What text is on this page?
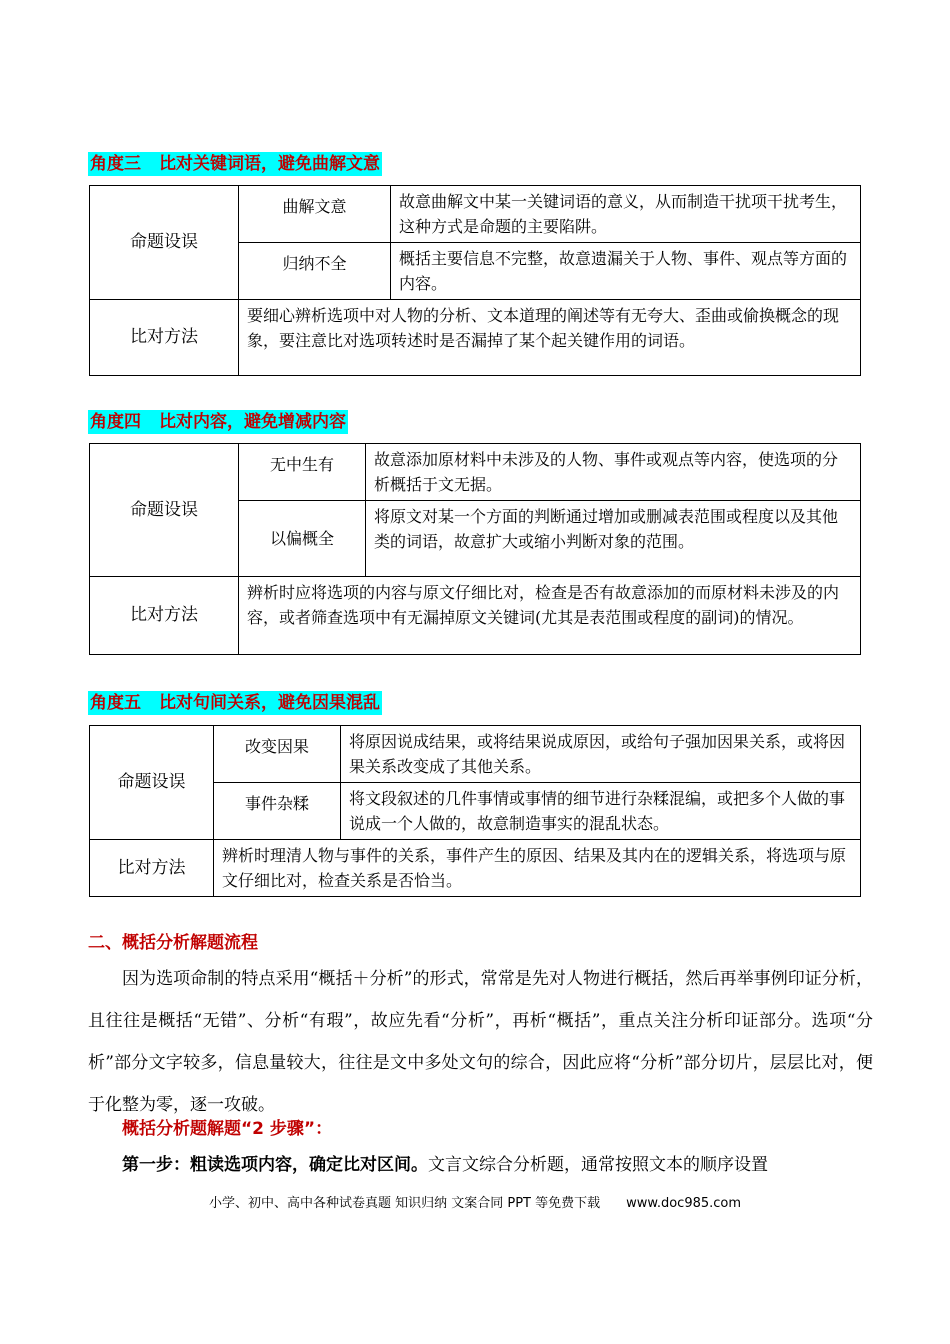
角度三 比对关键词语，避免曲解文意
命题设误	曲解文意	故意曲解文中某一关键词语的意义，从而制造干扰项干扰考生，这种方式是命题的主要陷阱。
	归纳不全	概括主要信息不完整，故意遗漏关于人物、事件、观点等方面的内容。
比对方法	要细心辨析选项中对人物的分析、文本道理的阐述等有无夸大、歪曲或偷换概念的现象，要注意比对选项转述时是否漏掉了某个起关键作用的词语。	
角度四 比对内容，避免增减内容
命题设误	无中生有	故意添加原材料中未涉及的人物、事件或观点等内容，使选项的分析概括于文无据。
	以偏概全	将原文对某一个方面的判断通过增加或删减表范围或程度以及其他类的词语，故意扩大或缩小判断对象的范围。
比对方法	辨析时应将选项的内容与原文仔细比对，检查是否有故意添加的而原材料未涉及的内容，或者筛查选项中有无漏掉原文关键词(尤其是表范围或程度的副词)的情况。	
角度五 比对句间关系，避免因果混乱
命题设误	改变因果	将原因说成结果，或将结果说成原因，或给句子强加因果关系，或将因果关系改变成了其他关系。
	事件杂糅	将文段叙述的几件事情或事情的细节进行杂糅混编，或把多个人做的事说成一个人做的，故意制造事实的混乱状态。
比对方法	辨析时理清人物与事件的关系，事件产生的原因、结果及其内在的逻辑关系，将选项与原文仔细比对，检查关系是否恰当。	
二、概括分析解题流程
因为选项命制的特点采用“概括＋分析”的形式，常常是先对人物进行概括，然后再举事例印证分析，且往往是概括“无错”、分析“有瑕”，故应先看“分析”，再析“概括”，重点关注分析印证部分。选项“分析”部分文字较多，信息量较大，往往是文中多处文句的综合，因此应将“分析”部分切片，层层比对，便于化整为零，逐一攻破。
概括分析题解题“2 步骤”：
第一步：粗读选项内容，确定比对区间。文言文综合分析题，通常按照文本的顺序设置
小学、初中、高中各种试卷真题 知识归纳 文案合同 PPT 等免费下载 www.doc985.com
